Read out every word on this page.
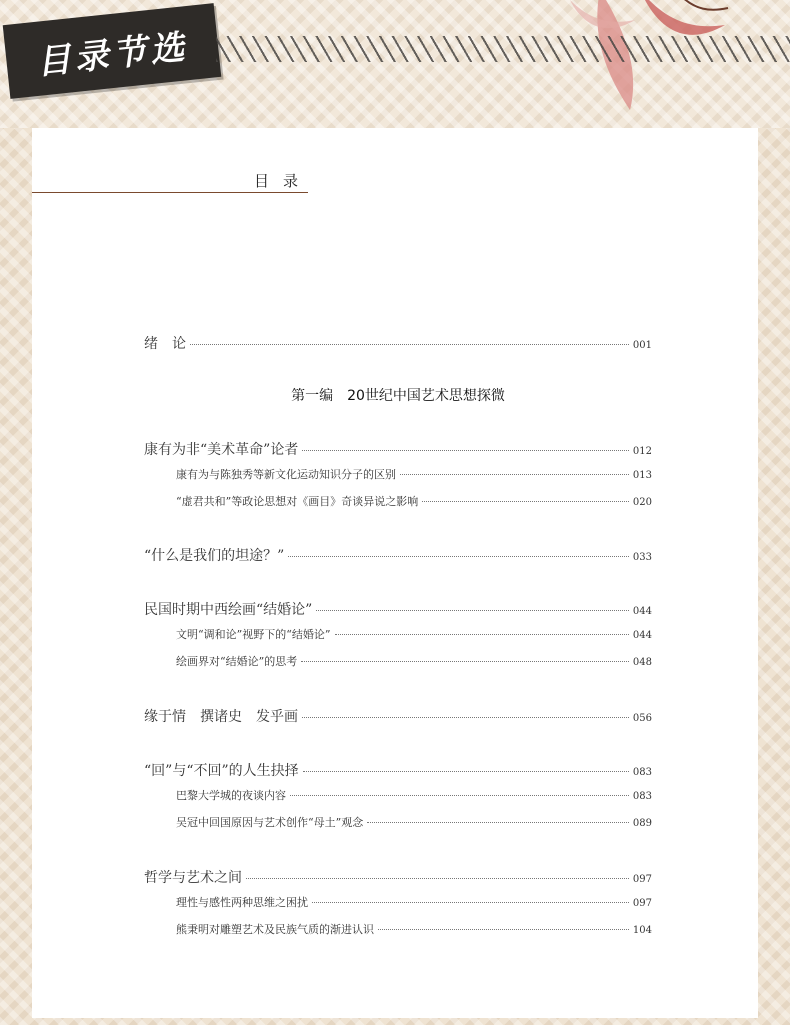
目录节选
目录
绪　论	001
第一编　20世纪中国艺术思想探微
康有为非“美术革命”论者	012
康有为与陈独秀等新文化运动知识分子的区别	013
“虚君共和”等政论思想对《画目》奇谈异说之影响	020
“什么是我们的坦途？”	033
民国时期中西绘画“结婚论”	044
文明“调和论”视野下的“结婚论”	044
绘画界对“结婚论”的思考	048
缘于情　撰诸史　发乎画	056
“回”与“不回”的人生抉择	083
巴黎大学城的夜谈内容	083
吴冠中回国原因与艺术创作“母土”观念	089
哲学与艺术之间	097
理性与感性两种思维之困扰	097
熊秉明对雕塑艺术及民族气质的渐进认识	104
